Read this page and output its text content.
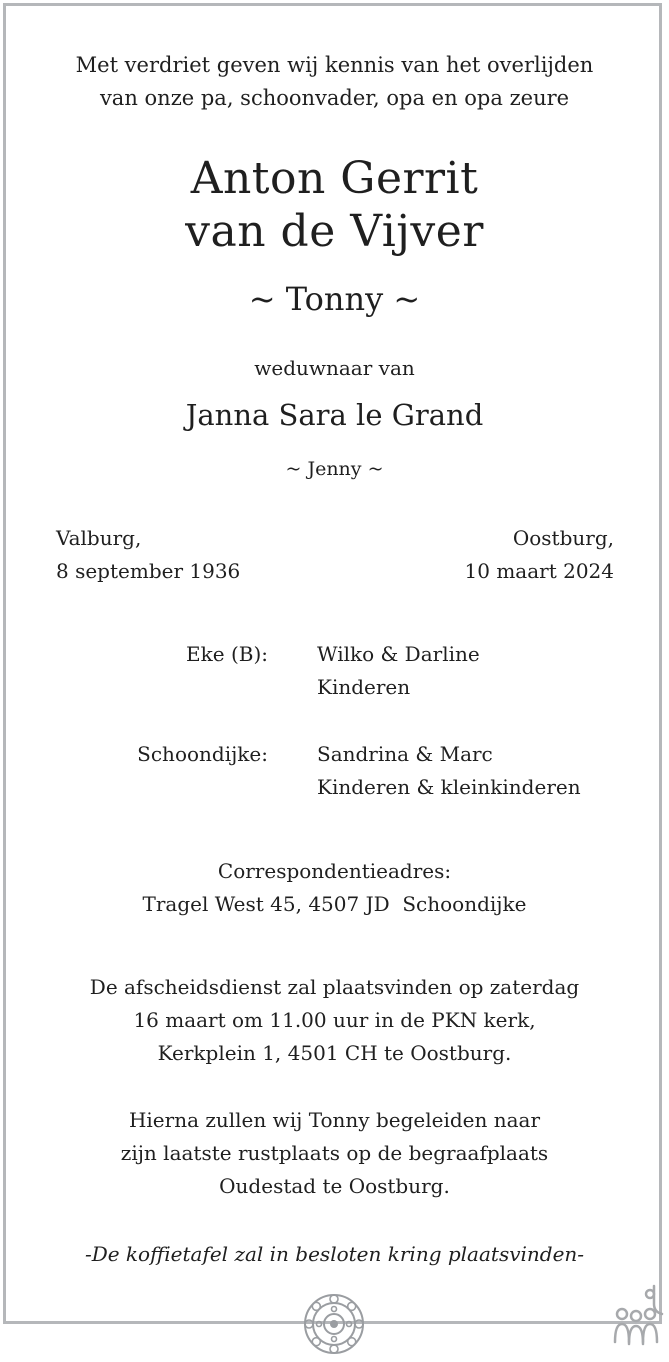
Met verdriet geven wij kennis van het overlijden
van onze pa, schoonvader, opa en opa zeure
Anton Gerrit
van de Vijver
~ Tonny ~
weduwnaar van
Janna Sara le Grand
~ Jenny ~
Valburg,
8 september 1936
Oostburg,
10 maart 2024
Eke (B): Wilko & Darline
Kinderen
Schoondijke: Sandrina & Marc
Kinderen & kleinkinderen
Correspondentieadres:
Tragel West 45, 4507 JD  Schoondijke
De afscheidsdienst zal plaatsvinden op zaterdag
16 maart om 11.00 uur in de PKN kerk,
Kerkplein 1, 4501 CH te Oostburg.
Hierna zullen wij Tonny begeleiden naar
zijn laatste rustplaats op de begraafplaats
Oudestad te Oostburg.
-De koffietafel zal in besloten kring plaatsvinden-
